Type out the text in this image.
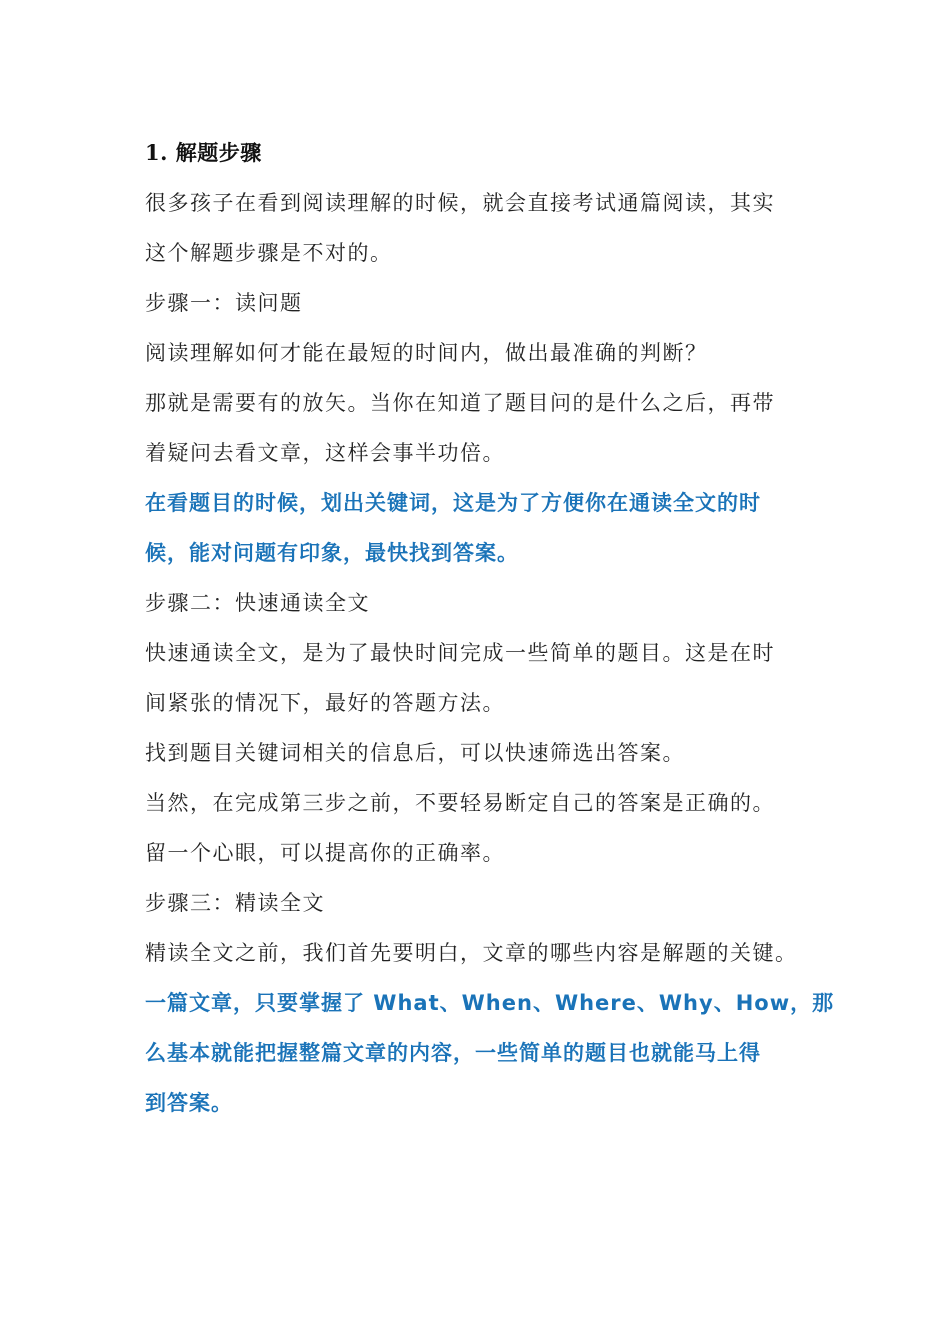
1. 解题步骤
很多孩子在看到阅读理解的时候，就会直接考试通篇阅读，其实
这个解题步骤是不对的。
步骤一：读问题
阅读理解如何才能在最短的时间内，做出最准确的判断？
那就是需要有的放矢。当你在知道了题目问的是什么之后，再带
着疑问去看文章，这样会事半功倍。
在看题目的时候，划出关键词，这是为了方便你在通读全文的时
候，能对问题有印象，最快找到答案。
步骤二：快速通读全文
快速通读全文，是为了最快时间完成一些简单的题目。这是在时
间紧张的情况下，最好的答题方法。
找到题目关键词相关的信息后，可以快速筛选出答案。
当然，在完成第三步之前，不要轻易断定自己的答案是正确的。
留一个心眼，可以提高你的正确率。
步骤三：精读全文
精读全文之前，我们首先要明白，文章的哪些内容是解题的关键。
一篇文章，只要掌握了 What、When、Where、Why、How，那
么基本就能把握整篇文章的内容，一些简单的题目也就能马上得
到答案。
